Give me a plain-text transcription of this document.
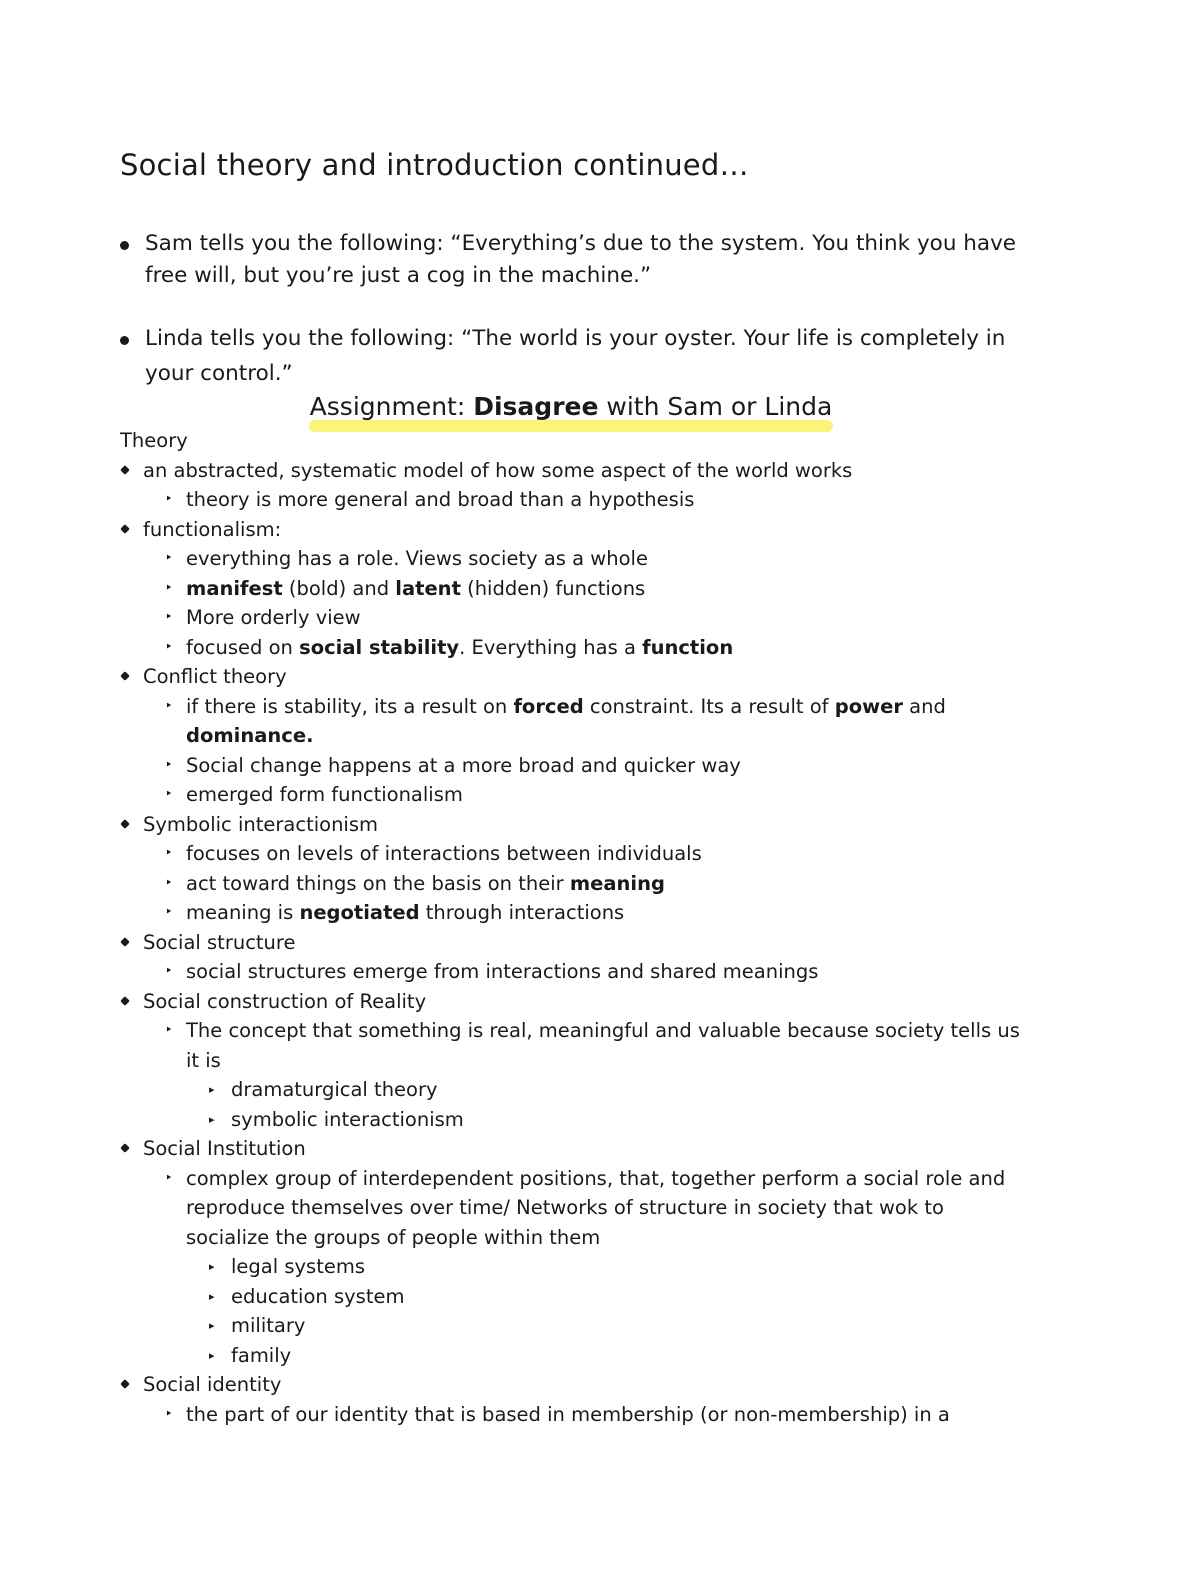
Social theory and introduction continued…
Sam tells you the following: “Everything’s due to the system. You think you have
free will, but you’re just a cog in the machine.”
Linda tells you the following: “The world is your oyster. Your life is completely in
your control.”
Assignment: Disagree with Sam or Linda
Theory
an abstracted, systematic model of how some aspect of the world works
‣ theory is more general and broad than a hypothesis
functionalism:
‣ everything has a role. Views society as a whole
‣ manifest (bold) and latent (hidden) functions
‣ More orderly view
‣ focused on social stability. Everything has a function
Conflict theory
‣ if there is stability, its a result on forced constraint. Its a result of power and
dominance.
‣ Social change happens at a more broad and quicker way
‣ emerged form functionalism
Symbolic interactionism
‣ focuses on levels of interactions between individuals
‣ act toward things on the basis on their meaning
‣ meaning is negotiated through interactions
Social structure
‣ social structures emerge from interactions and shared meanings
Social construction of Reality
‣ The concept that something is real, meaningful and valuable because society tells us
it is
▸ dramaturgical theory
▸ symbolic interactionism
Social Institution
‣ complex group of interdependent positions, that, together perform a social role and
reproduce themselves over time/ Networks of structure in society that wok to
socialize the groups of people within them
▸ legal systems
▸ education system
▸ military
▸ family
Social identity
‣ the part of our identity that is based in membership (or non-membership) in a
